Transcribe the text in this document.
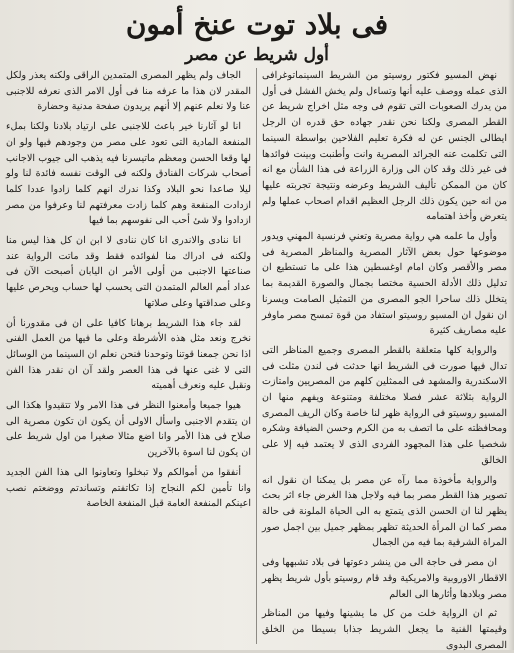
فى بلاد توت عنخ أمون
أول شريط عن مصر

نهض المسيو فكتور روسيتو من الشريط السينماتوغرافى الذى عمله ووصف عليه أنها وتساءل ولم يخش الفشل فى أول من يدرك الصعوبات التى تقوم فى وجه مثل اخراج شريط عن القطر المصرى ولكنا نحن نقدر جهاده حق قدره ان الرجل ايطالى الجنس عن له فكرة تعليم الفلاحين بواسطة السينما التى تكلمت عنه الجرائد المصرية وانت وأطنبت وبينت فوائدها فى غير ذلك وقد كان الى وزارة الزراعة فى هذا الشأن مع انه كان من الممكن تأليف الشريط وعرضه ونتيجة تجربته عليها من انه حين يكون ذلك الرجل العظيم اقدام اصحاب عملها ولم يتعرض وأخذ اهتمامه

وأول ما علمه هي رواية مصرية وتعني فرنسية المهني ويدور موضوعها حول بعض الآثار المصرية والمناظر المصرية فى مصر والأقصر وكان امام اوغسطين هذا على ما تستطيع ان تدليل ذلك الأدلة الحسية مختصا بجمال والصورة القديمة بما يتخلل ذلك ساحرا الجو المصرى من التمثيل الصامت ويسرنا ان نقول ان المسيو روسيتو استفاد من قوة تمسح مصر ماوفر عليه مصاريف كثيرة

والرواية كلها متعلقة بالقطر المصرى وجميع المناظر التى تدال فيها صورت فى الشريط انها حدثت فى لندن مثلت فى الاسكندرية والمشهد فى الممثلين كلهم من المصريين وامتازت الرواية بثلاثة عشر فصلا مختلفة ومتنوعة ويفهم منها ان المسيو روسيتو فى الرواية ظهر لنا خاصة وكان الريف المصرى ومحافظته على ما اتصف به من الكرم وحسن الضيافة وشكره شخصيا على هذا المجهود الفردى الذى لا يعتمد فيه إلا على الخالق

والرواية مأخوذة مما رآه عن مصر بل يمكنا ان نقول انه تصوير هذا القطر مصر بما فيه ولاجل هذا الغرض جاء اثر بحث يظهر لنا ان الحسن الذى يتمتع به الى الحياة الملونة فى حالة مصر كما ان المرأة الحديثة تظهر بمظهر جميل بين اجمل صور المراة الشرقية بما فيه من الجمال

ان مصر فى حاجة الى من ينشر دعوتها فى بلاد تشبهها وفى الاقطار الاوروبية والامريكية وقد قام روسيتو بأول شريط يظهر مصر وبلادها وأثارها الى العالم

ثم ان الرواية خلت من كل ما يشينها وفيها من المناظر وقيمتها الفنية ما يجعل الشريط جذابا بسيطا من الخلق المصرى البدوى

الجاف ولم يظهر المصرى المتمدين الراقى ولكنه يعذر ولكل المقدر لان هذا ما عرفه منا فى أول الامر الذى نعرفه للاجنبى عنا ولا نعلم عنهم إلا أنهم يريدون صفحة مدنية وحضارة

انا لو آثارنا خير باعث للاجنبى على ارتياد بلادنا ولكنا بملء المنفعة المادية التى تعود على مصر من وجودهم فيها ولو ان لها وقعا الحسن ومعظم ماتيسرنا فيه يذهب الى جيوب الاجانب أصحاب شركات الفنادق ولكنه فى الوقت نفسه فائدة لنا ولو ليلا صاعدا نحو البلاد وكذا ندرك انهم كلما زادوا عددا كلما ازدادت المنفعة وهم كلما زادت معرفتهم لنا وعرفوا من مصر ازدادوا ولا شئ أحب الى نفوسهم بما فيها

انا ننادى والاندرى انا كان ننادى لا ابن ان كل هذا ليس منا ولكنه فى ادراك منا لفوائده فقط وقد ماتت الرواية عند صناعتها الاجنبى من أولى الأمر ان اليابان أصبحت الآن فى عداد أمم العالم المتمدن التى يحسب لها حساب ويحرص عليها وعلى صداقتها وعلى صلاتها

لقد جاء هذا الشريط برهانا كافيا على ان فى مقدورنا أن نخرج ونعد مثل هذه الأشرطة وعلى ما فيها من العمل الفنى اذا نحن جمعنا قوتنا وتوحدنا فنحن نعلم ان السينما من الوسائل التى لا غنى عنها فى هذا العصر ولقد آن ان نقدر هذا الفن ونقبل عليه ونعرف أهميته

هيوا جميعا وأمعنوا النظر فى هذا الامر ولا تتقيدوا هكذا الى ان يتقدم الاجنبى واسأل الاولى أن يكون ان تكون مصرية الى صلاح فى هذا الأمر وانا اضع مثالا صغيرا من اول شريط على ان يكون لنا اسوة بالآخرين

أنفقوا من أموالكم ولا تبخلوا وتعاونوا الى هذا الفن الجديد وانا تأمين لكم النجاح إذا تكاتفتم وتساندتم ووضعتم نصب اعينكم المنفعة العامة قبل المنفعة الخاصة
